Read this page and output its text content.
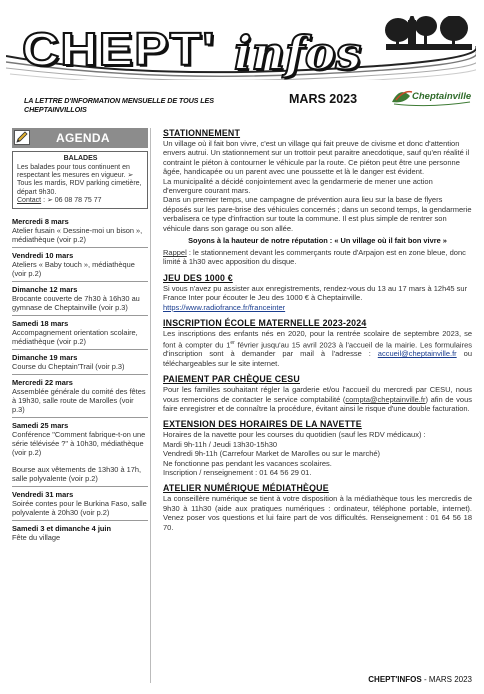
CHEPT' infos
LA LETTRE D'INFORMATION MENSUELLE DE TOUS LES CHEPTAINVILLOIS
MARS 2023	Cheptainville
AGENDA
BALADES

Les balades pour tous continuent en respectant les mesures en vigueur. ➢ Tous les mardis, RDV parking cimetière, départ 9h30.

Contact : ➢ 06 08 78 75 77

Mercredi 8 mars
Atelier fusain « Dessine-moi un bison », médiathèque (voir p.2)
Vendredi 10 mars
Ateliers « Baby touch », médiathèque (voir p.2)
Dimanche 12 mars
Brocante couverte de 7h30 à 16h30 au gymnase de Cheptainville (voir p.3)
Samedi 18 mars
Accompagnement orientation scolaire, médiathèque (voir p.2)
Dimanche 19 mars
Course du Cheptain'Trail (voir p.3)
Mercredi 22 mars
Assemblée générale du comité des fêtes à 19h30, salle route de Marolles (voir p.3)
Samedi 25 mars
Conférence "Comment fabrique-t-on une série télévisée ?" à 10h30, médiathèque (voir p.2)
Bourse aux vêtements de 13h30 à 17h, salle polyvalente (voir p.2)
Vendredi 31 mars
Soirée contes pour le Burkina Faso, salle polyvalente à 20h30 (voir p.2)
Samedi 3 et dimanche 4 juin
Fête du village
STATIONNEMENT

Un village où il fait bon vivre, c'est un village qui fait preuve de civisme et donc d'attention envers autrui. Un stationnement sur un trottoir peut paraitre anecdotique, sauf qu'en réalité il contraint le piéton à contourner le véhicule par la route. Ce piéton peut être une personne âgée, handicapée ou un parent avec une poussette et là le danger est évident.

La municipalité a décidé conjointement avec la gendarmerie de mener une action d'envergure courant mars.

Dans un premier temps, une campagne de prévention aura lieu sur la base de flyers déposés sur les pare-brise des véhicules concernés ; dans un second temps, la gendarmerie verbalisera ce type d'infraction sur toute la commune. Il est plus simple de rentrer son véhicule dans son garage ou son allée.

Soyons à la hauteur de notre réputation : « Un village où il fait bon vivre »

Rappel : le stationnement devant les commerçants route d'Arpajon est en zone bleue, donc limité à 1h30 avec apposition du disque.

JEU DES 1000 €

Si vous n'avez pu assister aux enregistrements, rendez-vous du 13 au 17 mars à 12h45 sur France Inter pour écouter le Jeu des 1000 € à Cheptainville. https://www.radiofrance.fr/franceinter

INSCRIPTION ÉCOLE MATERNELLE 2023-2024

Les inscriptions des enfants nés en 2020, pour la rentrée scolaire de septembre 2023, se font à compter du 1er février jusqu'au 15 avril 2023 à l'accueil de la mairie. Les formulaires d'inscription sont à demander par mail à l'adresse : accueil@cheptainville.fr ou téléchargeables sur le site internet.

PAIEMENT PAR CHÈQUE CESU

Pour les familles souhaitant régler la garderie et/ou l'accueil du mercredi par CESU, nous vous remercions de contacter le service comptabilité (compta@cheptainville.fr) afin de vous faire enregistrer et de connaître la procédure, évitant ainsi le risque d'une double facturation.

EXTENSION DES HORAIRES DE LA NAVETTE

Horaires de la navette pour les courses du quotidien (sauf les RDV médicaux) :

Mardi 9h-11h / Jeudi 13h30-15h30

Vendredi 9h-11h (Carrefour Market de Marolles ou sur le marché)

Ne fonctionne pas pendant les vacances scolaires.

Inscription / renseignement : 01 64 56 29 01.

ATELIER NUMÉRIQUE MÉDIATHÈQUE

La conseillère numérique se tient à votre disposition à la médiathèque tous les mercredis de 9h30 à 11h30 (aide aux pratiques numériques : ordinateur, téléphone portable, internet). Venez poser vos questions et lui faire part de vos difficultés. Renseignement : 01 64 56 18 70.

CHEPT'INFOS - MARS 2023
